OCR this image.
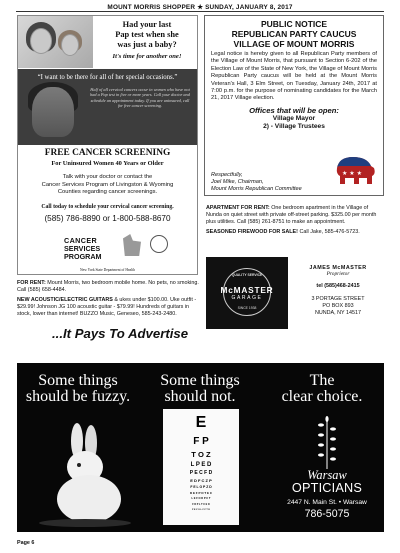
MOUNT MORRIS SHOPPER ★ SUNDAY, JANUARY 8, 2017
Had your last
Pap test when she
was just a baby?
It's time for another one!
“I want to be there for all of her special occasions.”
Half of all cervical cancers occur in women who have not had a Pap test in five or more years. Call your doctor and schedule an appointment today. If you are uninsured, call for free cancer screening.
FREE CANCER SCREENING
For Uninsured Women 40 Years or Older
Talk with your doctor or contact the
Cancer Services Program of Livingston & Wyoming
Counties regarding cancer screenings.
Call today to schedule your cervical cancer screening.
(585) 786-8890 or 1-800-588-8670
CANCER
SERVICES
PROGRAM
New York State Department of Health
PUBLIC NOTICE
REPUBLICAN PARTY CAUCUS
VILLAGE OF MOUNT MORRIS
Legal notice is hereby given to all Republican Party members of the Village of Mount Morris, that pursuant to Section 6-202 of the Election Law of the State of New York, the Village of Mount Morris Republican Party caucus will be held at the Mount Morris Veteran's Hall, 3 Elm Street, on Tuesday, January 24th, 2017 at 7:00 p.m. for the purpose of nominating candidates for the March 21, 2017 Village election.
Offices that will be open:
Village Mayor
2) - Village Trustees
Respectfully,
Joel Mike, Chairman,
Mount Morris Republican Committee
★ ★ ★
APARTMENT FOR RENT: One bedroom apartment in the Village of Nunda on quiet street with private off-street parking. $325.00 per month plus utilities. Call (585) 261-8751 to make an appointment.
SEASONED FIREWOOD FOR SALE! Call Jake, 585-476-5723.
QUALITY SERVICE
McMASTER
GARAGE
SINCE 1938
JAMES McMASTER
Proprietor
tel (585)468-2415
3 PORTAGE STREET
PO BOX 893
NUNDA, NY 14517

FOR RENT: Mount Morris, two bedroom mobile home. No pets, no smoking. Call (585) 658-4484.

NEW ACOUSTIC/ELECTRIC GUITARS & ukes under $100.00. Uke outfit - $29.99! Johnson JG 100 acoustic guitar - $79.99! Hundreds of guitars in stock, lower than internet! BUZZO Music, Geneseo, 585-243-2480.

...It Pays To Advertise
Some things
should be fuzzy.
Some things
should not.
The
clear choice.
E
F P
T O Z
L P E D
P E C F D
E D F C Z P
F E L O P Z D
D E F P O T E C
L E F O D P C T
F D P L T C E O
P E Z O L C F T D
Warsaw
OPTICIANS
2447 N. Main St. • Warsaw
786-5075
Page 6
